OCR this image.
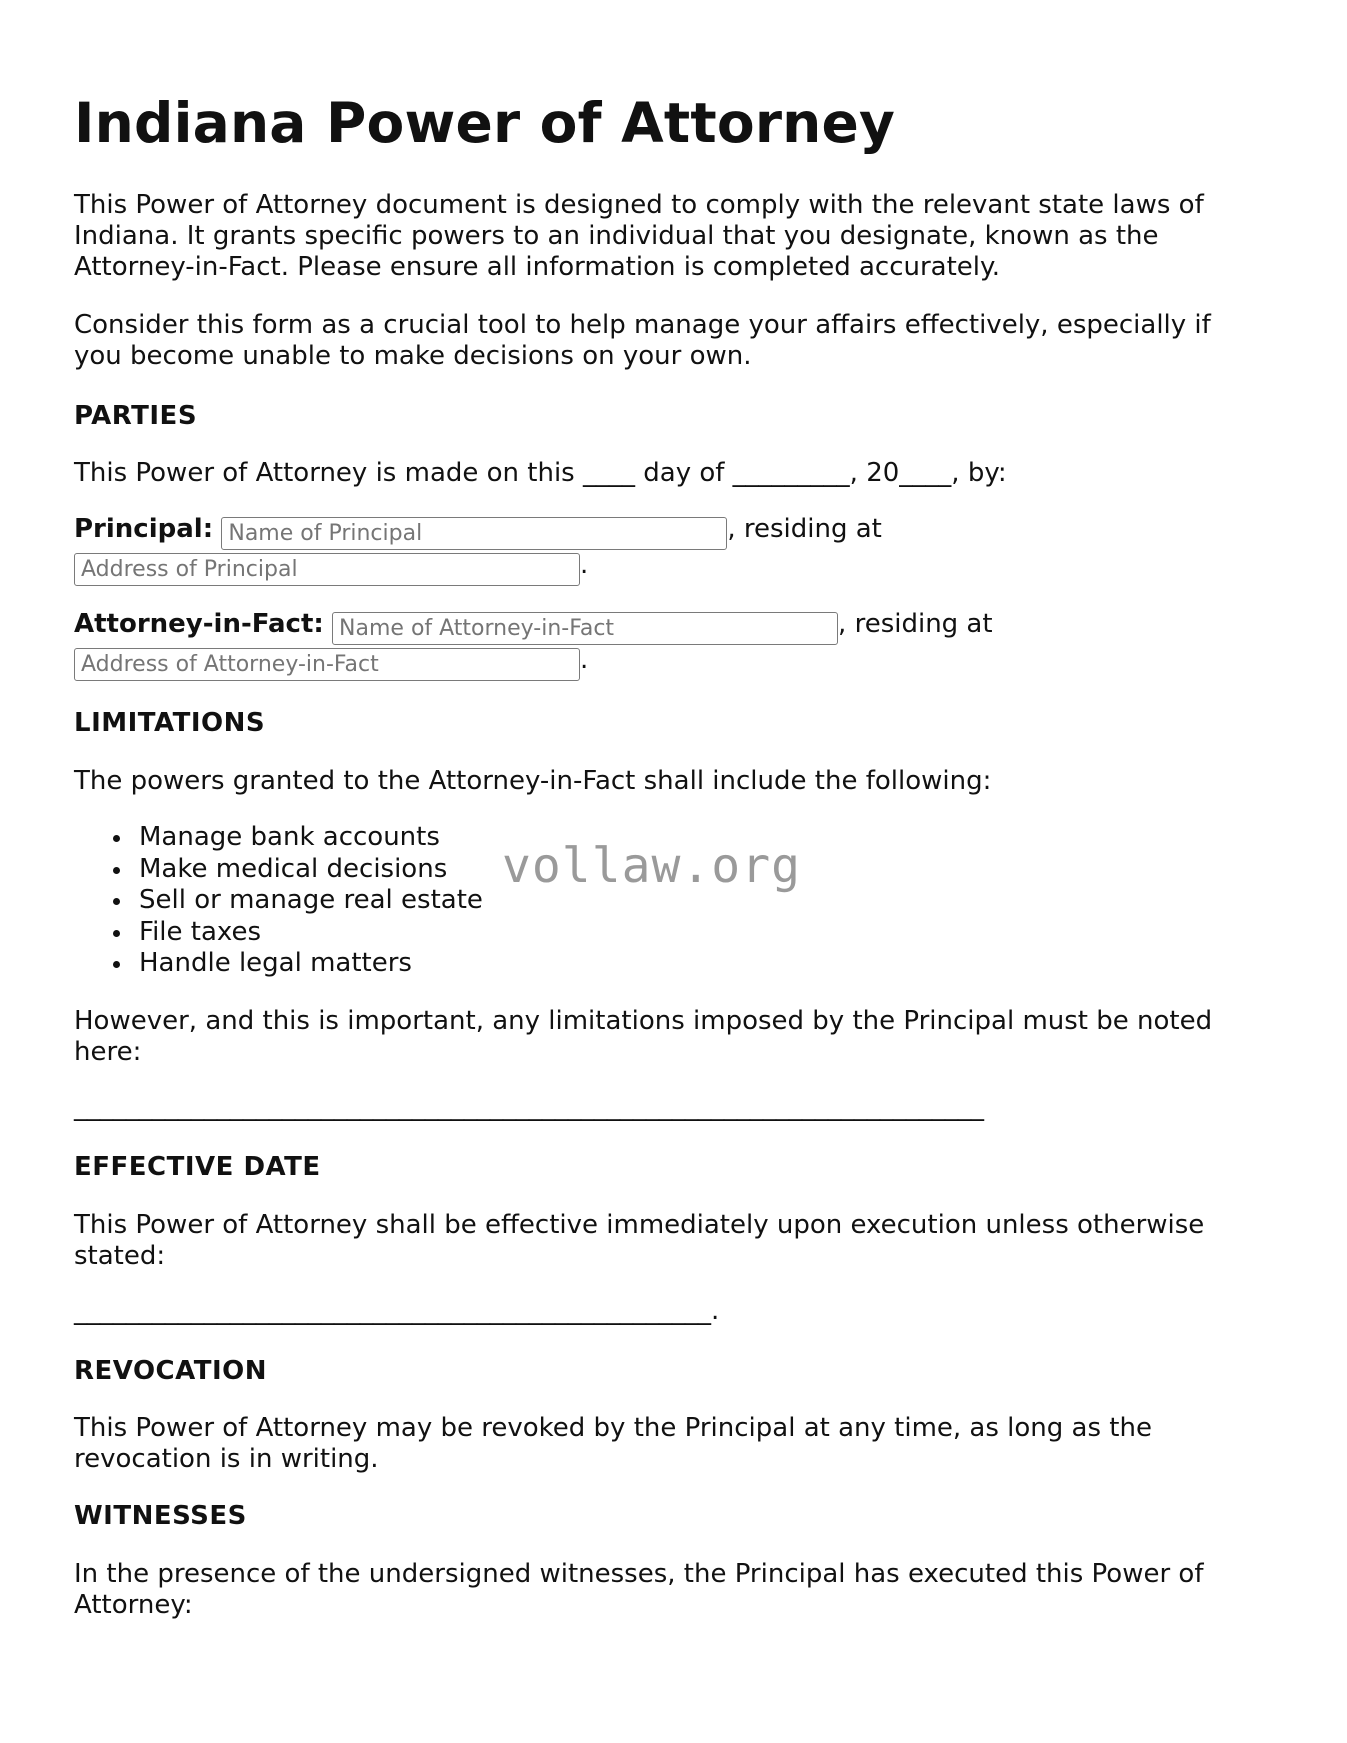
Indiana Power of Attorney

This Power of Attorney document is designed to comply with the relevant state laws of Indiana. It grants specific powers to an individual that you designate, known as the Attorney-in-Fact. Please ensure all information is completed accurately.

Consider this form as a crucial tool to help manage your affairs effectively, especially if you become unable to make decisions on your own.

PARTIES
This Power of Attorney is made on this ____ day of _________, 20____, by:
Principal: Name of Principal	, residing at
Address of Principal.
Attorney-in-Fact: Name of Attorney-in-Fact	, residing at
Address of Attorney-in-Fact.
LIMITATIONS
The powers granted to the Attorney-in-Fact shall include the following:
Manage bank accounts
Make medical decisions
Sell or manage real estate
File taxes
Handle legal matters

However, and this is important, any limitations imposed by the Principal must be noted here:

______________________________________________________________________
EFFECTIVE DATE

This Power of Attorney shall be effective immediately upon execution unless otherwise stated:

_________________________________________________.
REVOCATION

This Power of Attorney may be revoked by the Principal at any time, as long as the revocation is in writing.

WITNESSES

In the presence of the undersigned witnesses, the Principal has executed this Power of Attorney:

vollaw.org
